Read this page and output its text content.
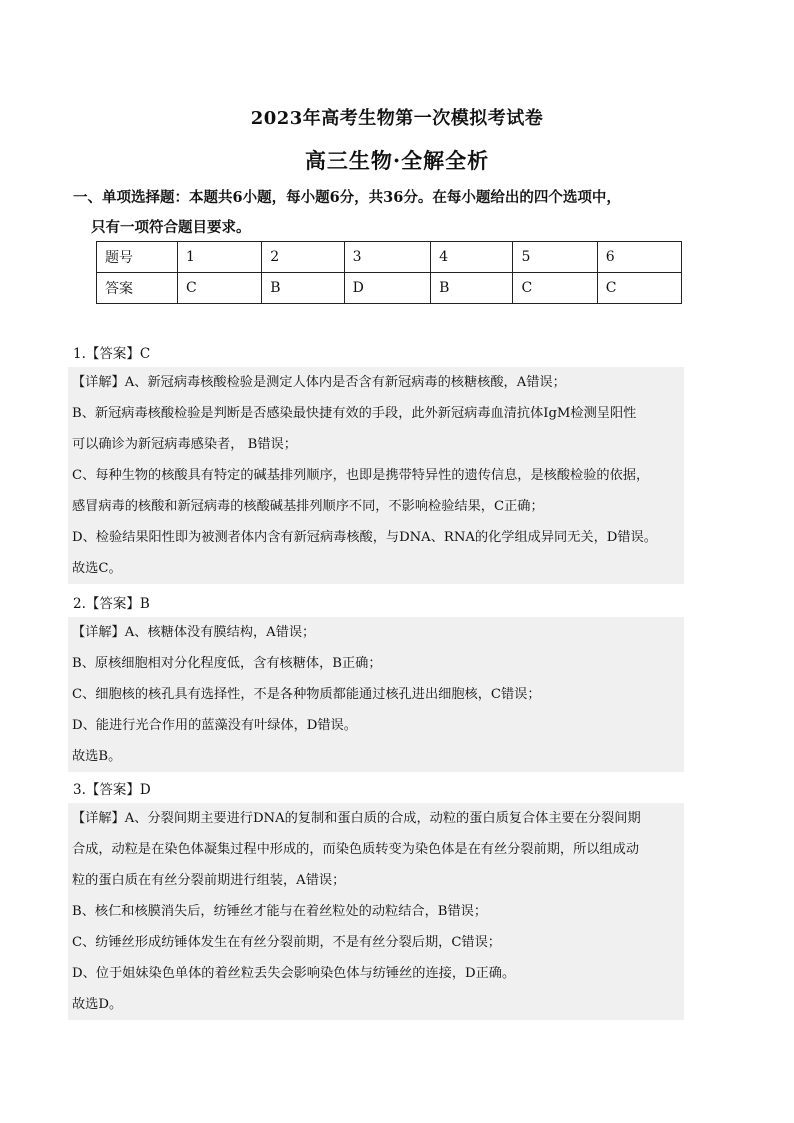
2023年高考生物第一次模拟考试卷
高三生物·全解全析
一、单项选择题：本题共6小题，每小题6分，共36分。在每小题给出的四个选项中，
只有一项符合题目要求。
题号	1	2	3	4	5	6
答案	C	B	D	B	C	C
1.【答案】C
【详解】A、新冠病毒核酸检验是测定人体内是否含有新冠病毒的核糖核酸，A错误；
B、新冠病毒核酸检验是判断是否感染最快捷有效的手段，此外新冠病毒血清抗体IgM检测呈阳性
可以确诊为新冠病毒感染者， B错误；
C、每种生物的核酸具有特定的碱基排列顺序，也即是携带特异性的遗传信息，是核酸检验的依据，
感冒病毒的核酸和新冠病毒的核酸碱基排列顺序不同，不影响检验结果，C正确；
D、检验结果阳性即为被测者体内含有新冠病毒核酸，与DNA、RNA的化学组成异同无关，D错误。
故选C。
2.【答案】B
【详解】A、核糖体没有膜结构，A错误；
B、原核细胞相对分化程度低，含有核糖体，B正确；
C、细胞核的核孔具有选择性，不是各种物质都能通过核孔进出细胞核，C错误；
D、能进行光合作用的蓝藻没有叶绿体，D错误。
故选B。
3.【答案】D
【详解】A、分裂间期主要进行DNA的复制和蛋白质的合成，动粒的蛋白质复合体主要在分裂间期
合成，动粒是在染色体凝集过程中形成的，而染色质转变为染色体是在有丝分裂前期，所以组成动
粒的蛋白质在有丝分裂前期进行组装，A错误；
B、核仁和核膜消失后，纺锤丝才能与在着丝粒处的动粒结合，B错误；
C、纺锤丝形成纺锤体发生在有丝分裂前期，不是有丝分裂后期，C错误；
D、位于姐妹染色单体的着丝粒丢失会影响染色体与纺锤丝的连接，D正确。
故选D。
